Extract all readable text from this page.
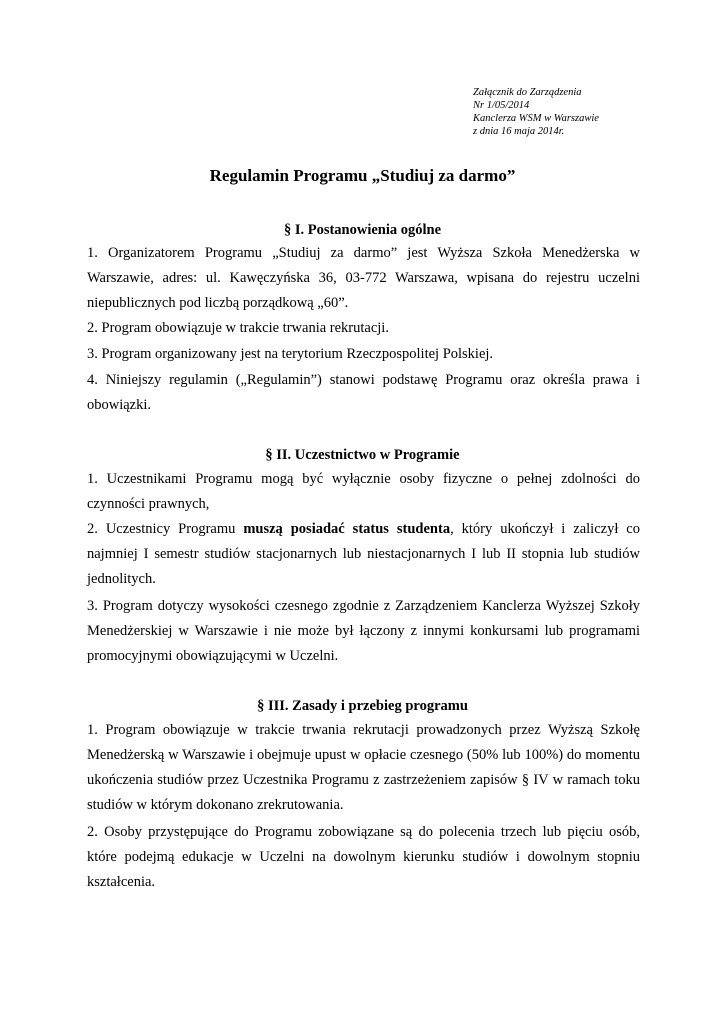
Załącznik do Zarządzenia
Nr 1/05/2014
Kanclerza WSM w Warszawie
z dnia 16 maja 2014r.
Regulamin Programu „Studiuj za darmo”
§ I. Postanowienia ogólne
1. Organizatorem Programu „Studiuj za darmo” jest Wyższa Szkoła Menedżerska w Warszawie, adres: ul. Kawęczyńska 36, 03-772 Warszawa, wpisana do rejestru uczelni niepublicznych pod liczbą porządkową „60”.
2. Program obowiązuje w trakcie trwania rekrutacji.
3. Program organizowany jest na terytorium Rzeczpospolitej Polskiej.
4. Niniejszy regulamin („Regulamin”) stanowi podstawę Programu oraz określa prawa i obowiązki.
§ II. Uczestnictwo w Programie
1. Uczestnikami Programu mogą być wyłącznie osoby fizyczne o pełnej zdolności do czynności prawnych,
2. Uczestnicy Programu muszą posiadać status studenta, który ukończył i zaliczył co najmniej I semestr studiów stacjonarnych lub niestacjonarnych I lub II stopnia lub studiów jednolitych.
3. Program dotyczy wysokości czesnego zgodnie z Zarządzeniem Kanclerza Wyższej Szkoły Menedżerskiej w Warszawie i nie może był łączony z innymi konkursami lub programami promocyjnymi obowiązującymi w Uczelni.
§ III. Zasady i przebieg programu
1. Program obowiązuje w trakcie trwania rekrutacji prowadzonych przez Wyższą Szkołę Menedżerską w Warszawie i obejmuje upust w opłacie czesnego (50% lub 100%) do momentu ukończenia studiów przez Uczestnika Programu z zastrzeżeniem zapisów § IV w ramach toku studiów w którym dokonano zrekrutowania.
2. Osoby przystępujące do Programu zobowiązane są do polecenia trzech lub pięciu osób, które podejmą edukacje w Uczelni na dowolnym kierunku studiów i dowolnym stopniu kształcenia.
